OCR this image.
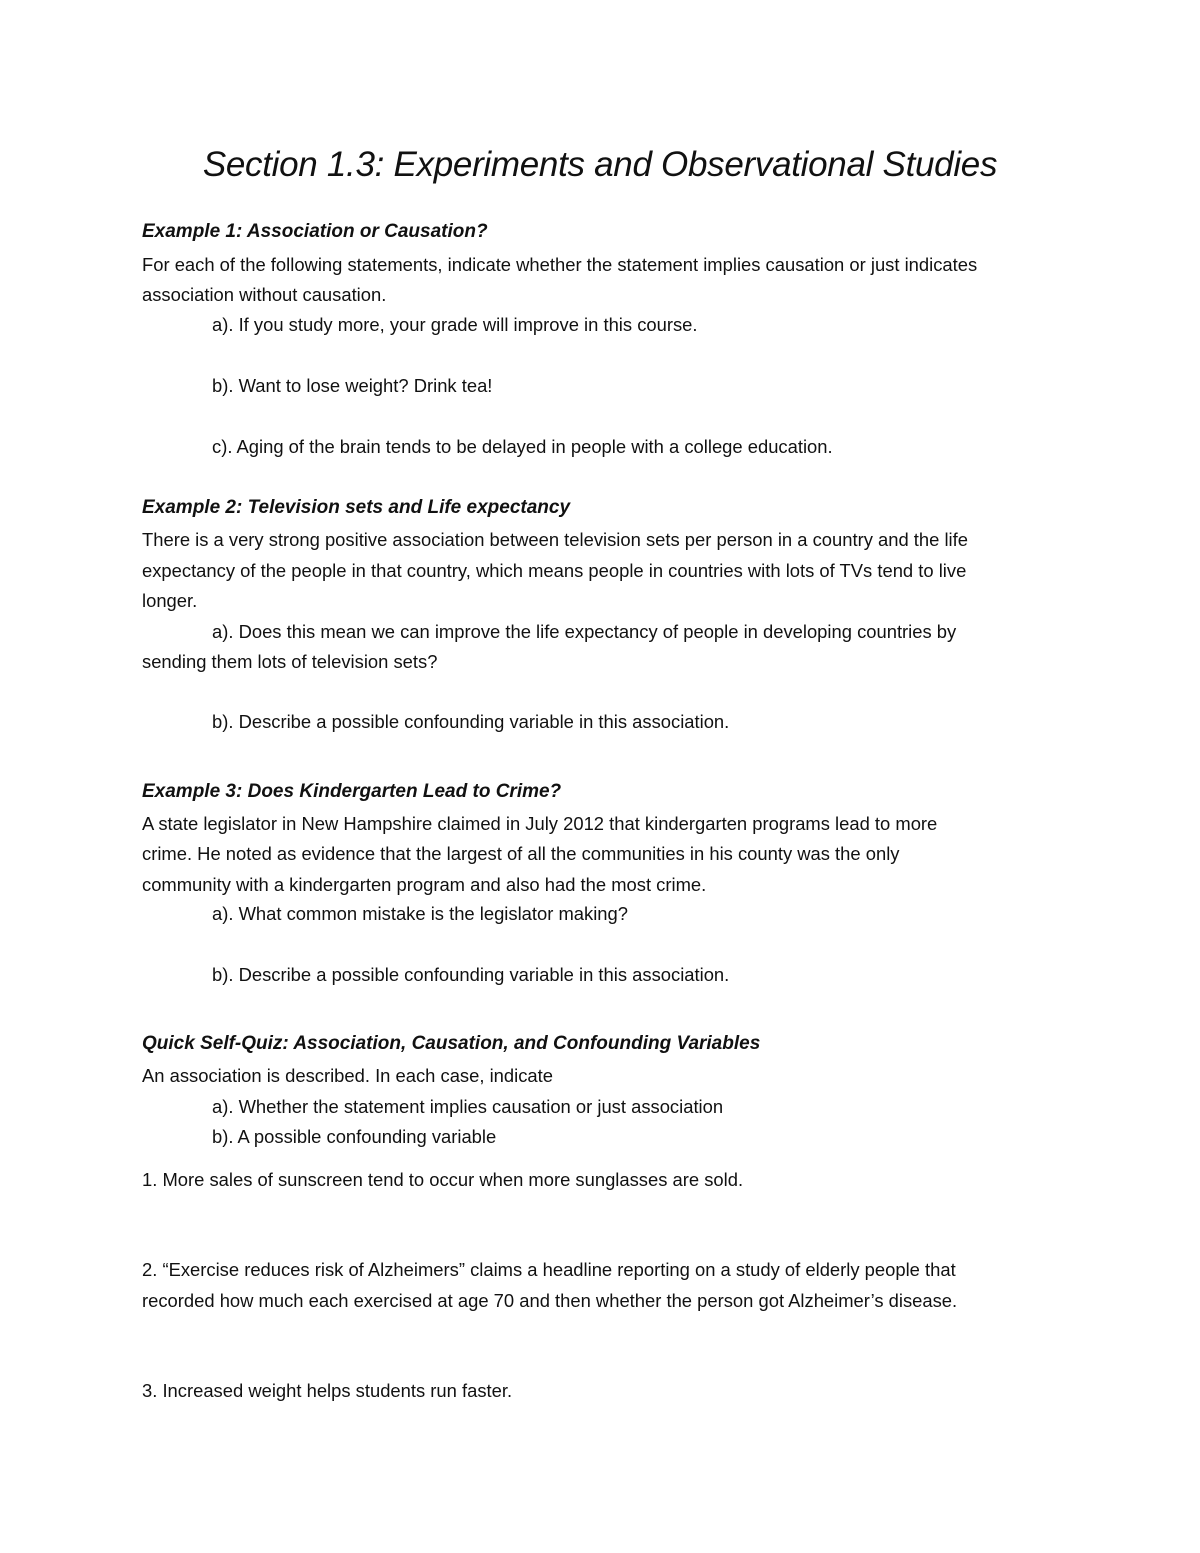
Section 1.3: Experiments and Observational Studies
Example 1: Association or Causation?
For each of the following statements, indicate whether the statement implies causation or just indicates
association without causation.
a). If you study more, your grade will improve in this course.
b). Want to lose weight? Drink tea!
c). Aging of the brain tends to be delayed in people with a college education.
Example 2: Television sets and Life expectancy
There is a very strong positive association between television sets per person in a country and the life
expectancy of the people in that country, which means people in countries with lots of TVs tend to live
longer.
a). Does this mean we can improve the life expectancy of people in developing countries by
sending them lots of television sets?
b). Describe a possible confounding variable in this association.
Example 3: Does Kindergarten Lead to Crime?
A state legislator in New Hampshire claimed in July 2012 that kindergarten programs lead to more
crime. He noted as evidence that the largest of all the communities in his county was the only
community with a kindergarten program and also had the most crime.
a). What common mistake is the legislator making?
b). Describe a possible confounding variable in this association.
Quick Self-Quiz: Association, Causation, and Confounding Variables
An association is described. In each case, indicate
a). Whether the statement implies causation or just association
b). A possible confounding variable
1. More sales of sunscreen tend to occur when more sunglasses are sold.
2. “Exercise reduces risk of Alzheimers” claims a headline reporting on a study of elderly people that
recorded how much each exercised at age 70 and then whether the person got Alzheimer’s disease.
3. Increased weight helps students run faster.
